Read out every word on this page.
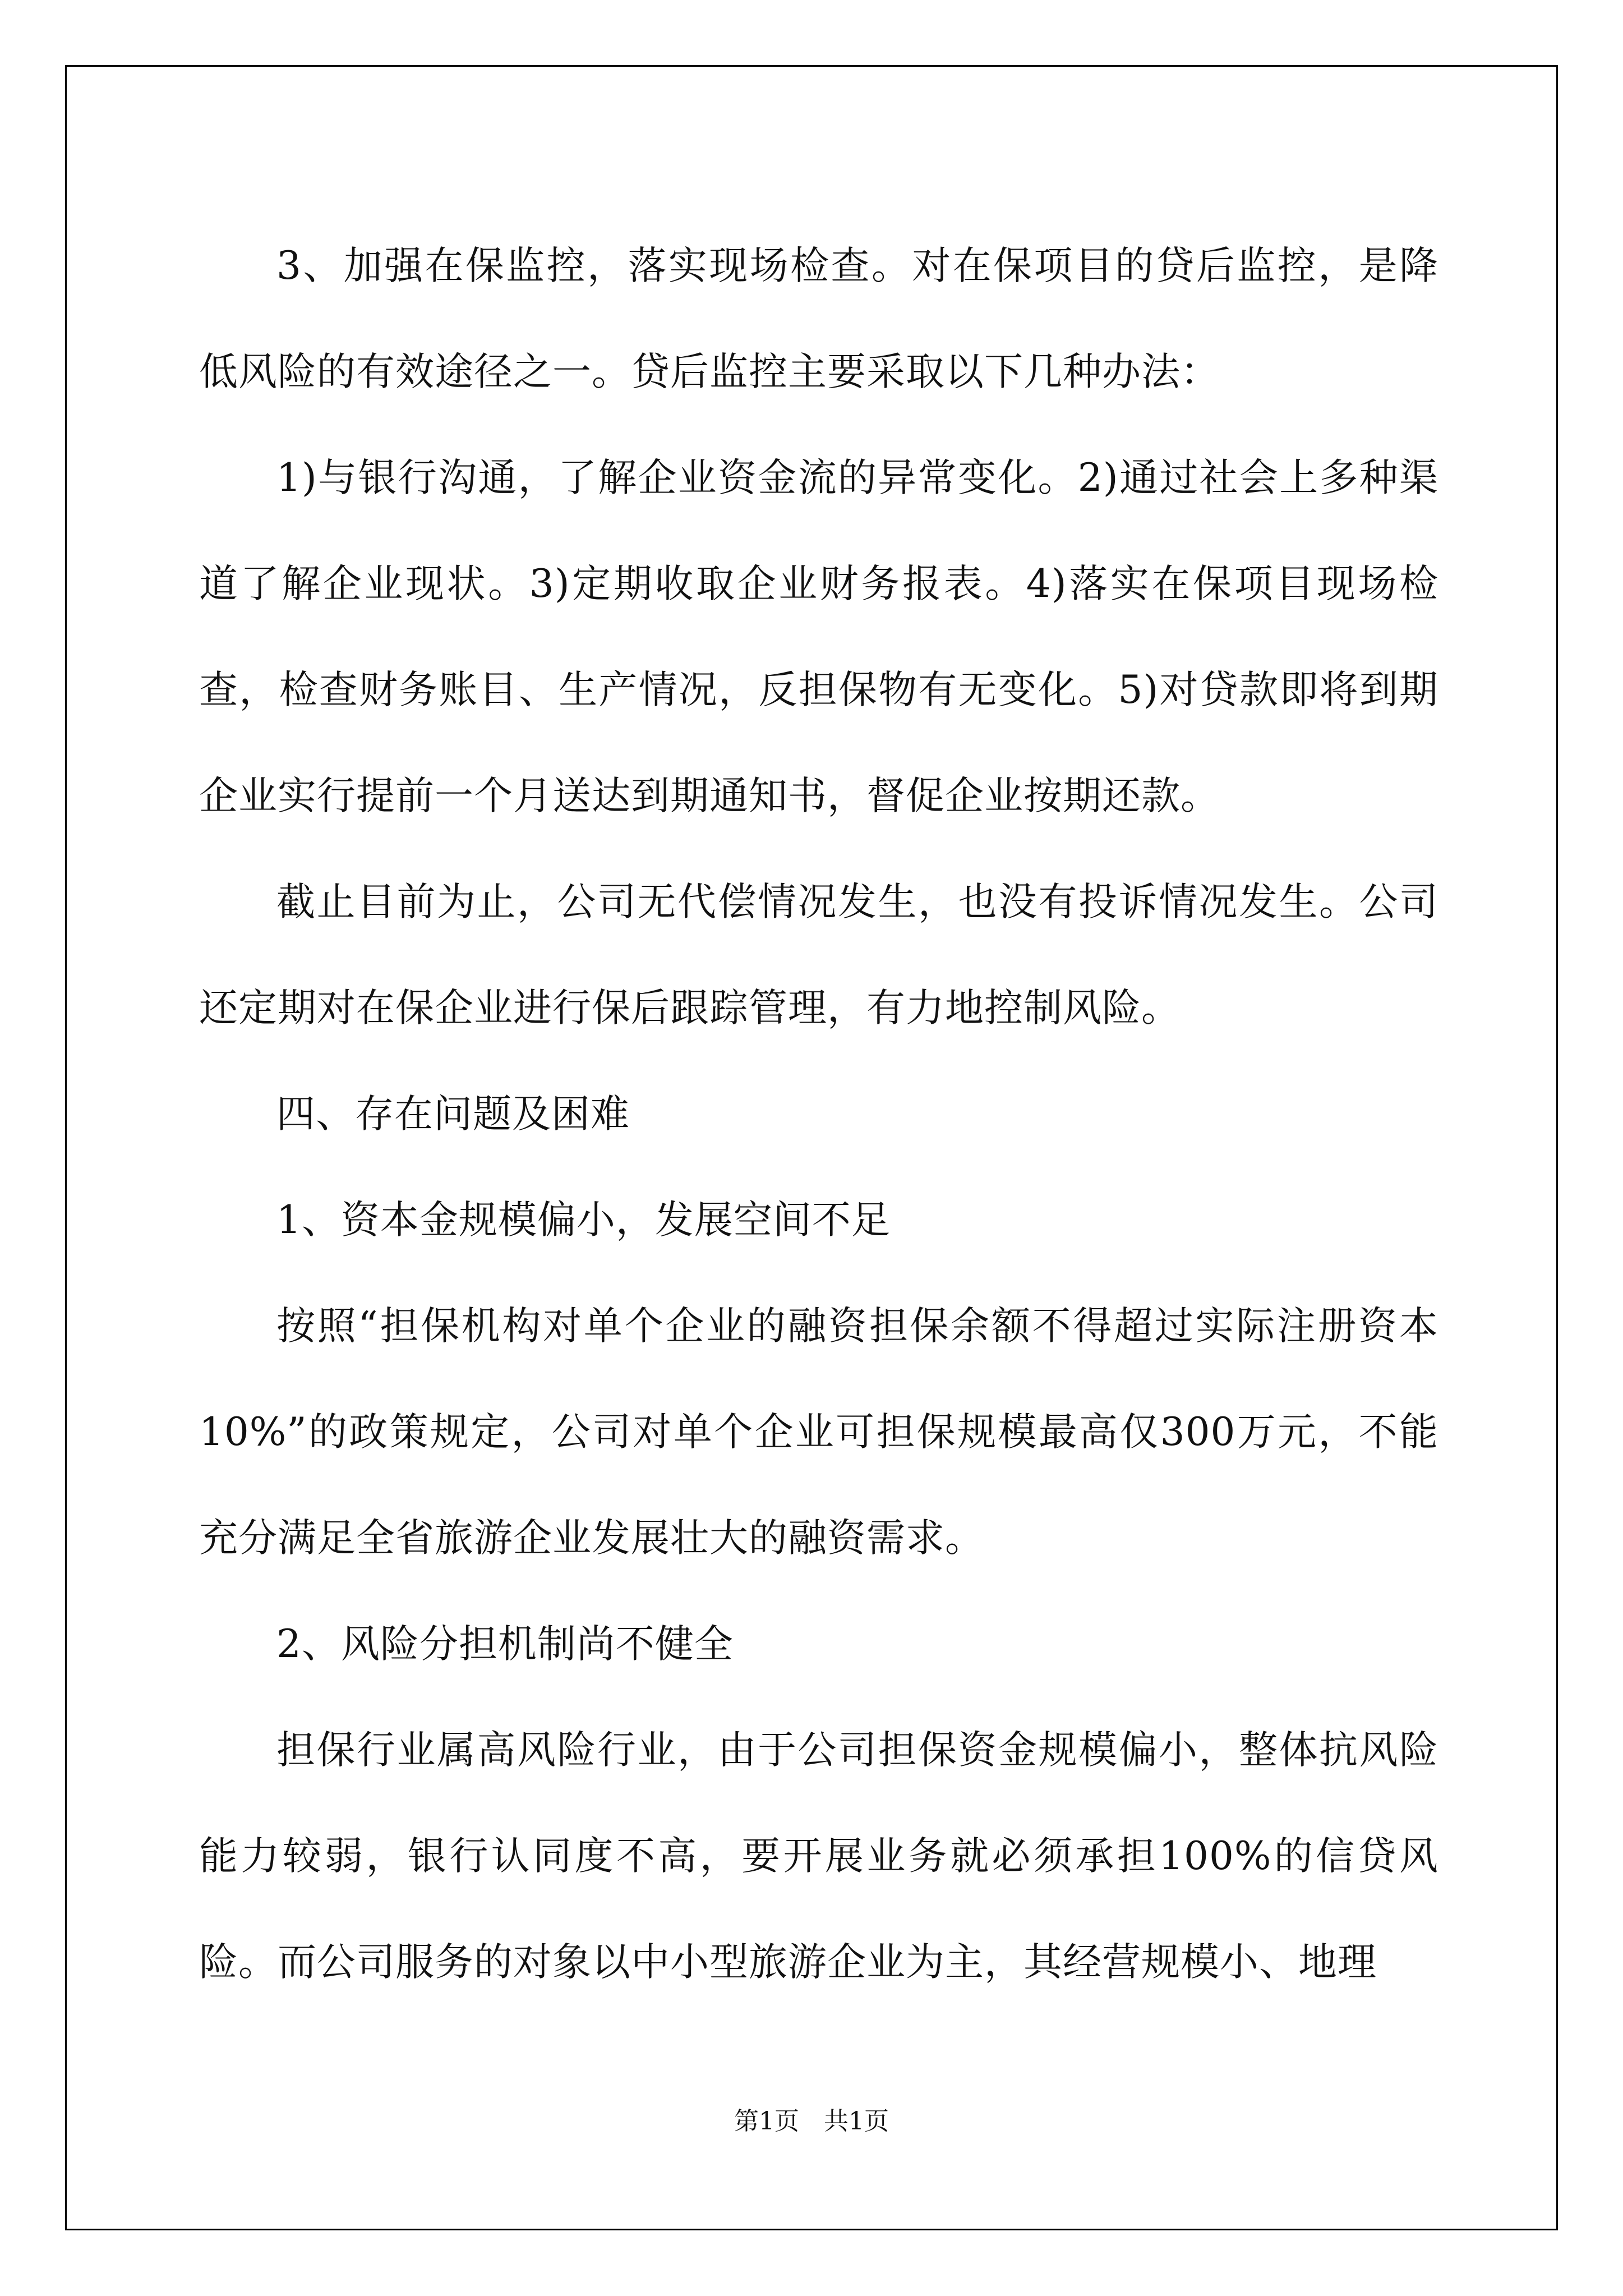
3、加强在保监控，落实现场检查。对在保项目的贷后监控，是降低风险的有效途径之一。贷后监控主要采取以下几种办法：

1)与银行沟通，了解企业资金流的异常变化。2)通过社会上多种渠道了解企业现状。3)定期收取企业财务报表。4)落实在保项目现场检查，检查财务账目、生产情况，反担保物有无变化。5)对贷款即将到期企业实行提前一个月送达到期通知书，督促企业按期还款。

截止目前为止，公司无代偿情况发生，也没有投诉情况发生。公司还定期对在保企业进行保后跟踪管理，有力地控制风险。

四、存在问题及困难

1、资本金规模偏小，发展空间不足

按照“担保机构对单个企业的融资担保余额不得超过实际注册资本10%”的政策规定，公司对单个企业可担保规模最高仅300万元，不能充分满足全省旅游企业发展壮大的融资需求。

2、风险分担机制尚不健全

担保行业属高风险行业，由于公司担保资金规模偏小，整体抗风险能力较弱，银行认同度不高，要开展业务就必须承担100%的信贷风险。而公司服务的对象以中小型旅游企业为主，其经营规模小、地理

第1页 共1页
